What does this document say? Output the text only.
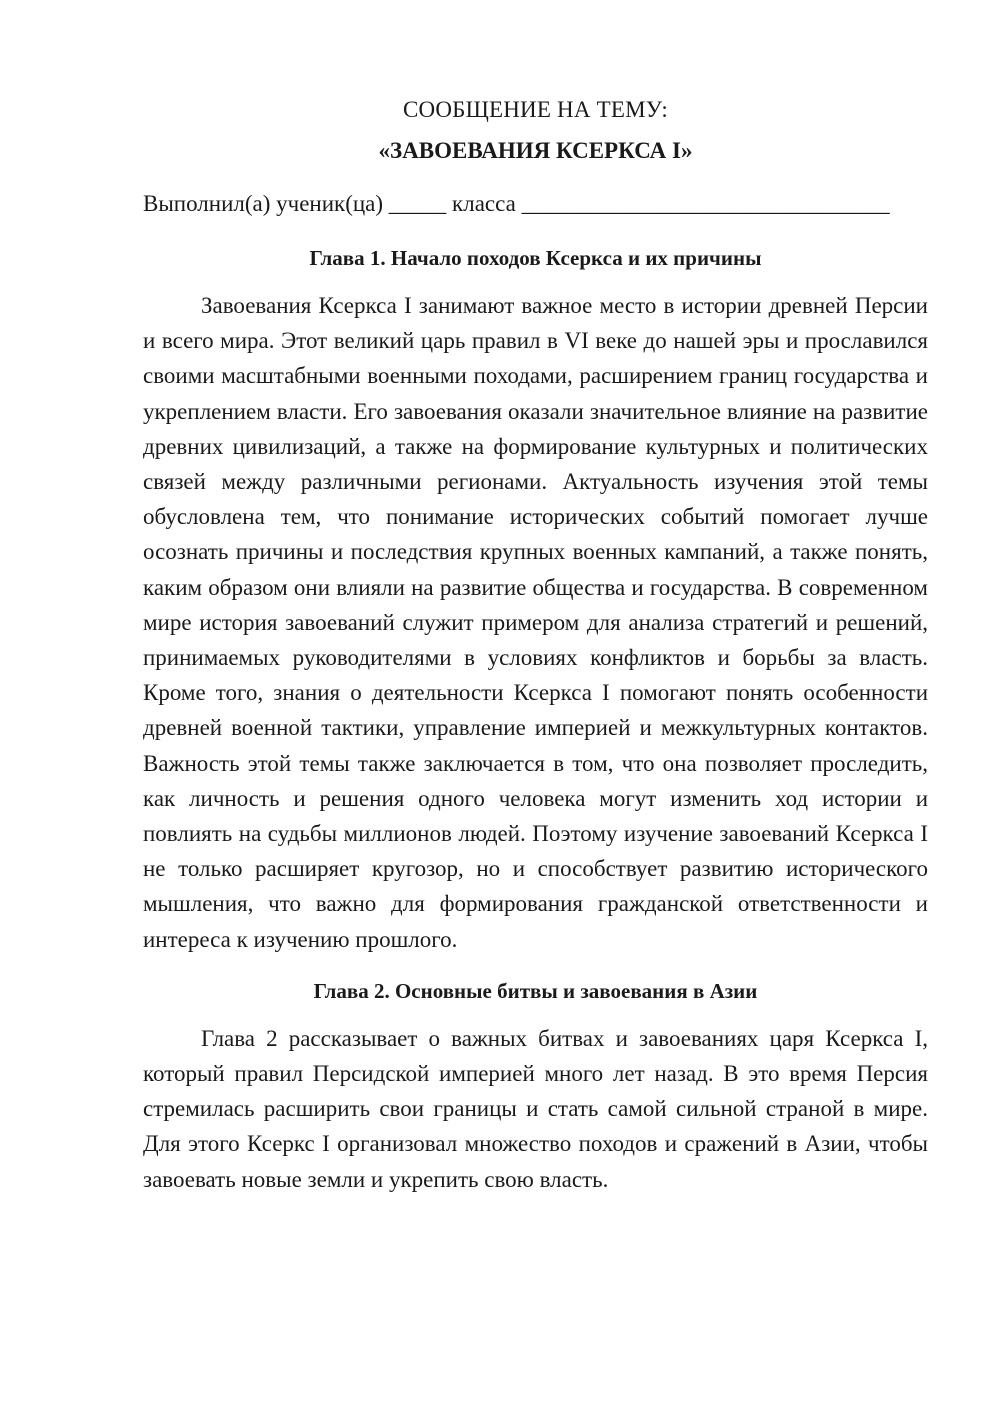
СООБЩЕНИЕ НА ТЕМУ:
«ЗАВОЕВАНИЯ КСЕРКСА I»
Выполнил(а) ученик(ца) _____ класса ________________________________
Глава 1. Начало походов Ксеркса и их причины

Завоевания Ксеркса I занимают важное место в истории древней Персии и всего мира. Этот великий царь правил в VI веке до нашей эры и прославился своими масштабными военными походами, расширением границ государства и укреплением власти. Его завоевания оказали значительное влияние на развитие древних цивилизаций, а также на формирование культурных и политических связей между различными регионами. Актуальность изучения этой темы обусловлена тем, что понимание исторических событий помогает лучше осознать причины и последствия крупных военных кампаний, а также понять, каким образом они влияли на развитие общества и государства. В современном мире история завоеваний служит примером для анализа стратегий и решений, принимаемых руководителями в условиях конфликтов и борьбы за власть. Кроме того, знания о деятельности Ксеркса I помогают понять особенности древней военной тактики, управление империей и межкультурных контактов. Важность этой темы также заключается в том, что она позволяет проследить, как личность и решения одного человека могут изменить ход истории и повлиять на судьбы миллионов людей. Поэтому изучение завоеваний Ксеркса I не только расширяет кругозор, но и способствует развитию исторического мышления, что важно для формирования гражданской ответственности и интереса к изучению прошлого.

Глава 2. Основные битвы и завоевания в Азии

Глава 2 рассказывает о важных битвах и завоеваниях царя Ксеркса I, который правил Персидской империей много лет назад. В это время Персия стремилась расширить свои границы и стать самой сильной страной в мире. Для этого Ксеркс I организовал множество походов и сражений в Азии, чтобы завоевать новые земли и укрепить свою власть.
